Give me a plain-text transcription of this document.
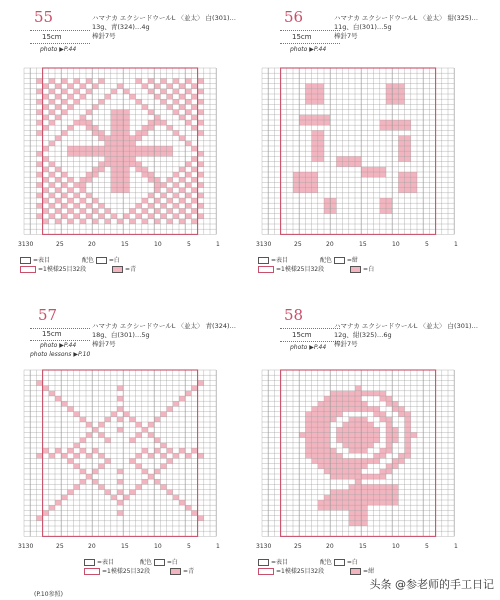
55
15cm
photo ▶P.44
ハマナカ エクシードウールL 〈並太〉 白(301)…
13g、青(324)…4g
棒針7号
3130	25	20	15	10	5	1
=表目	配色 =白
=1模様25目32段	=青
56
15cm
photo ▶P.44
ハマナカ エクシードウールL 〈並太〉 紺(325)…
11g、白(301)…5g
棒針7号
3130	25	20	15	10	5	1
=表目	配色 =紺
=1模様25目32段	=白
57
15cm
photo ▶P.44
photo lessons ▶P.10
ハマナカ エクシードウールL 〈並太〉 青(324)…
18g、白(301)…5g
棒針7号
3130	25	20	15	10	5	1
=表目	配色 =白
=1模様25目32段	=青
(P.10参照)
58
15cm
photo ▶P.44
ハマナカ エクシードウールL 〈並太〉 白(301)…
12g、紺(325)…6g
棒針7号
3130	25	20	15	10	5	1
=表目	配色 =白
=1模様25目32段	=紺
头条 @参老师的手工日记
